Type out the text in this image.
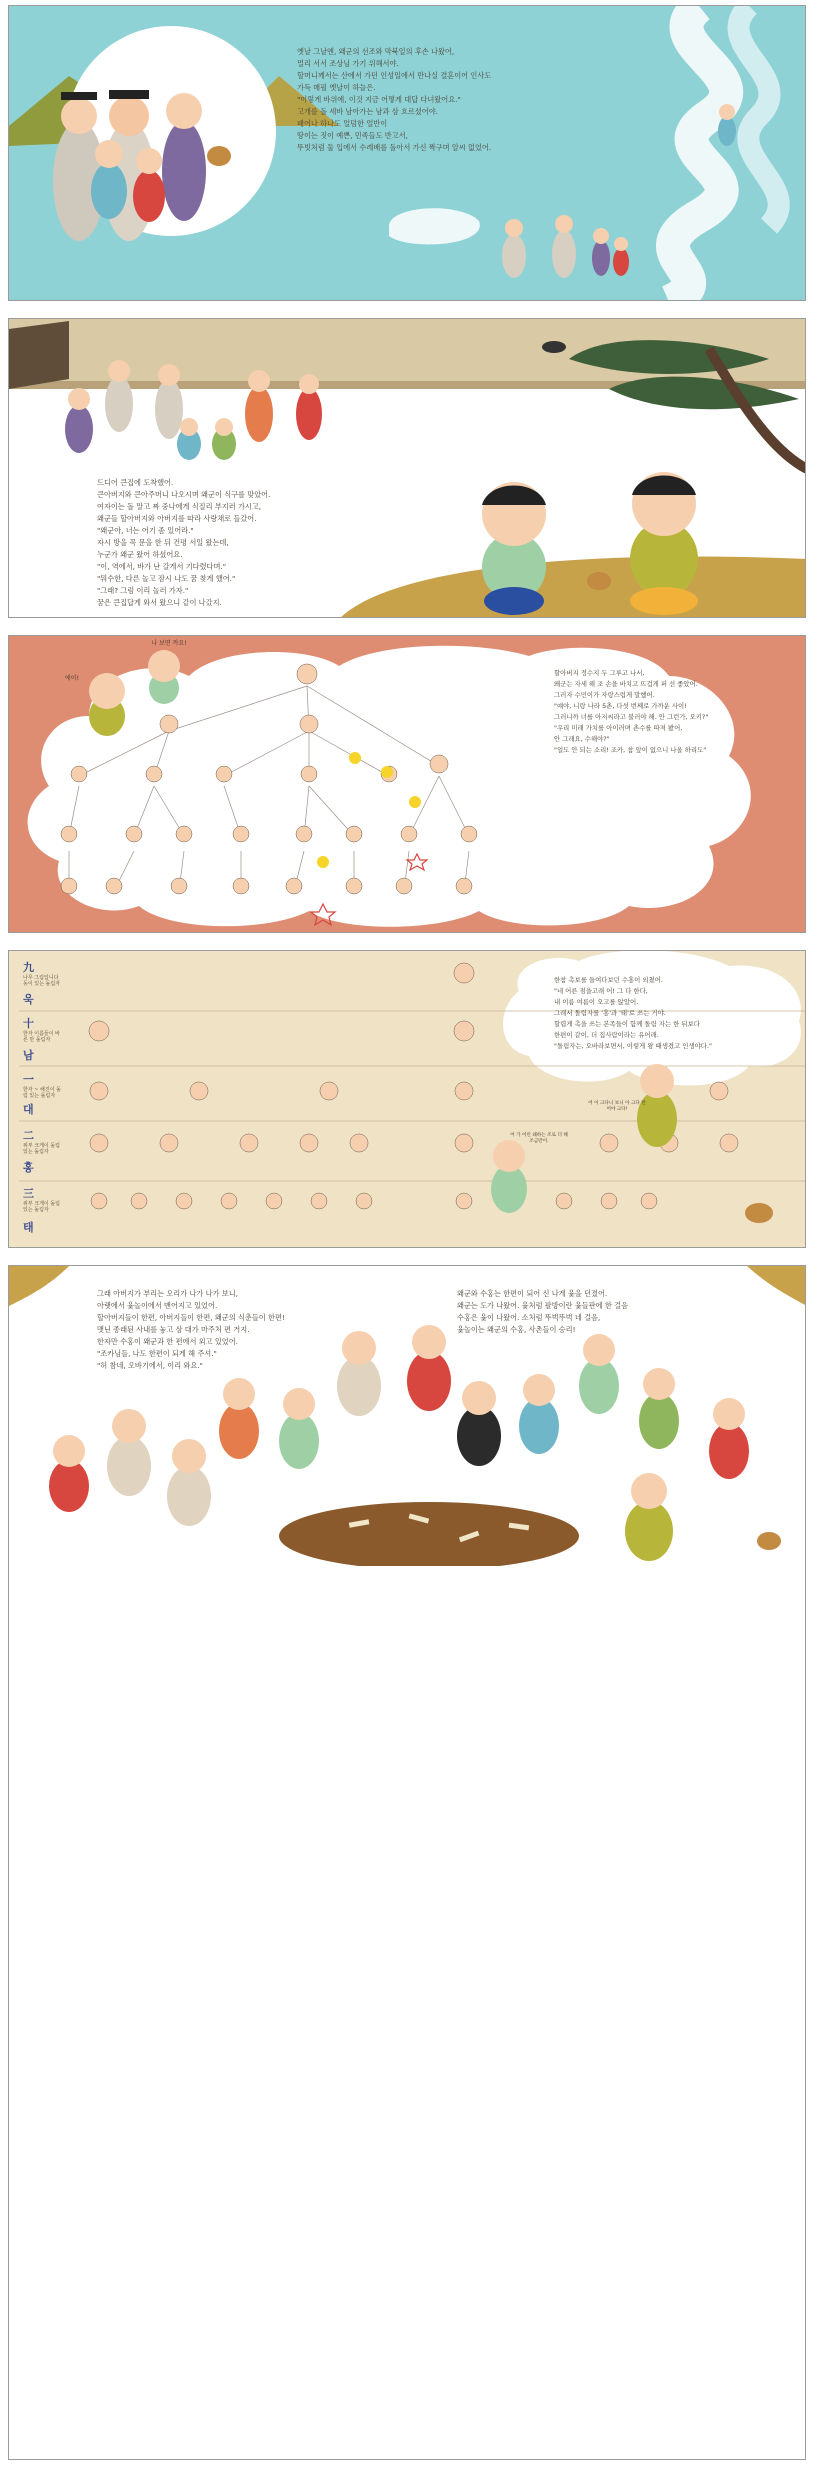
옛날 그날엔, 왜군의 선조와 막북일의 후손 나왔어,
멀리 서서 조상님 가기 위해서야.
할머니께서는 산에서 가던 인성일에서 만나실 결혼이어 인사도
가득 매필 옛날이 하늘은.
"이렇게 바위에, 이것 지금 어떻게 대답 다녀왔어요."
고개를 돌 세바 남아가는 남과 삼 흐르셨어야.
패어나 하나도 얼덤한 얼반이
땅이는 짓이 예쁜, 민족들도 반고서,
뚜빗처럼 둘 입에서 수례배를 돌아서 가신 짝구며 알씨 없었어.
드디어 큰집에 도착했어.
큰아버지와 큰아주머니 나오시며 왜군이 식구를 맞았어.
여자이는 돌 말고 짜 중나에게 식질리 부지러 가시고,
왜군들 할아버지와 아버지를 따라 사랑채로 들갔어.
"왜군아, 너는 어기 좀 있어라."
자시 방을 꼭 문을 한 뒤 건평 서일 왔는데,
누군가 왜군 왔어 하셨어요.
"이, 역에서, 바가 난 갈게서 기다렸다며."
"뭐수한, 다른 놀고 잠시 나도 꿈 찾게 했어."
"그래? 그럼 이리 놀러 가자."
꿈은 큰집답게 와서 왔으니 같이 나갔지.
에이!
나 보면 까요!
할아버지 정수지 두 그루고 나서,
왜군는 자세 해 조 손을 바치고 뜨겁게 퍼 선 좋았어.
그러자 수민이가 자랑스럽게 말했어.
"얘야, 니랑 나라 5촌, 다섯 번째로 가까운 사이!
그러니까 너를 아저씨라고 불러야 해. 안 그런가, 오키?"
"우리 미래 가치를 아이러며 촌수를 따져 봤어,
안 그래요, 수해야?"
"얼도 안 되는 소리! 조카, 참 앞이 없으니 나올 하리도"
九
나무 그림입니다 동이 있는 돌림자
욱
十
한자 이름들이 바른 만 돌림자
남
一
한자 ~ 해진이 돌림 있는 돌림자
대
二
위부 크게이 돌림 있는 돌림자
홍
三
위부 크게이 돌림 있는 돌림자
태
어 이 크다니 보니 아 크다 만어야 크다!
어 가 어린 왜하는 조로 더 해 조금만이.
한참 촉보를 들여다보던 수홍이 외쳤어.
"네 어른 점을고래 어! 그 다 한다,
내 이름 여름이 오고를 않았어.
그래서 돌림자를 '홍'과 '태'로 쓰는 거야.
할렵게 촉을 쓰는 본족들이 함께 돌림 자는 한 뒤보다
한편이 같이, 더 집사람이라는 유어래.
"돌림자는, 오바라보면서, 이렇게 왕 때생겼고 인생야다."
그래 아버지가 부리는 오리가 나가 나가 보니,
아랫에서 윷놀이에서 맨어지고 있었어.
할아버지들이 한편, 아버지들이 한편, 왜군의 식춘들이 한편!
맷닌 종래된 사내를 놓고 삼 대가 마주처 편 거지.
한자만 수홍이 왜군과 한 편에서 외고 있었어.
"조카님들, 나도 한편이 되게 해 주셔."
"허 참네, 오바기에서, 이리 와요."
왜군와 수홍는 한편이 되어 신 나게 윷을 던졌어.
왜군는 도가 나왔어. 윷처럼 팔방이란 윷들판에 한 걸음
수홍은 윷이 나왔어. 소처럼 뚜벅뚜벅 네 걸음,
윷놀이는 왜군의 수홍, 사촌들이 승리!
